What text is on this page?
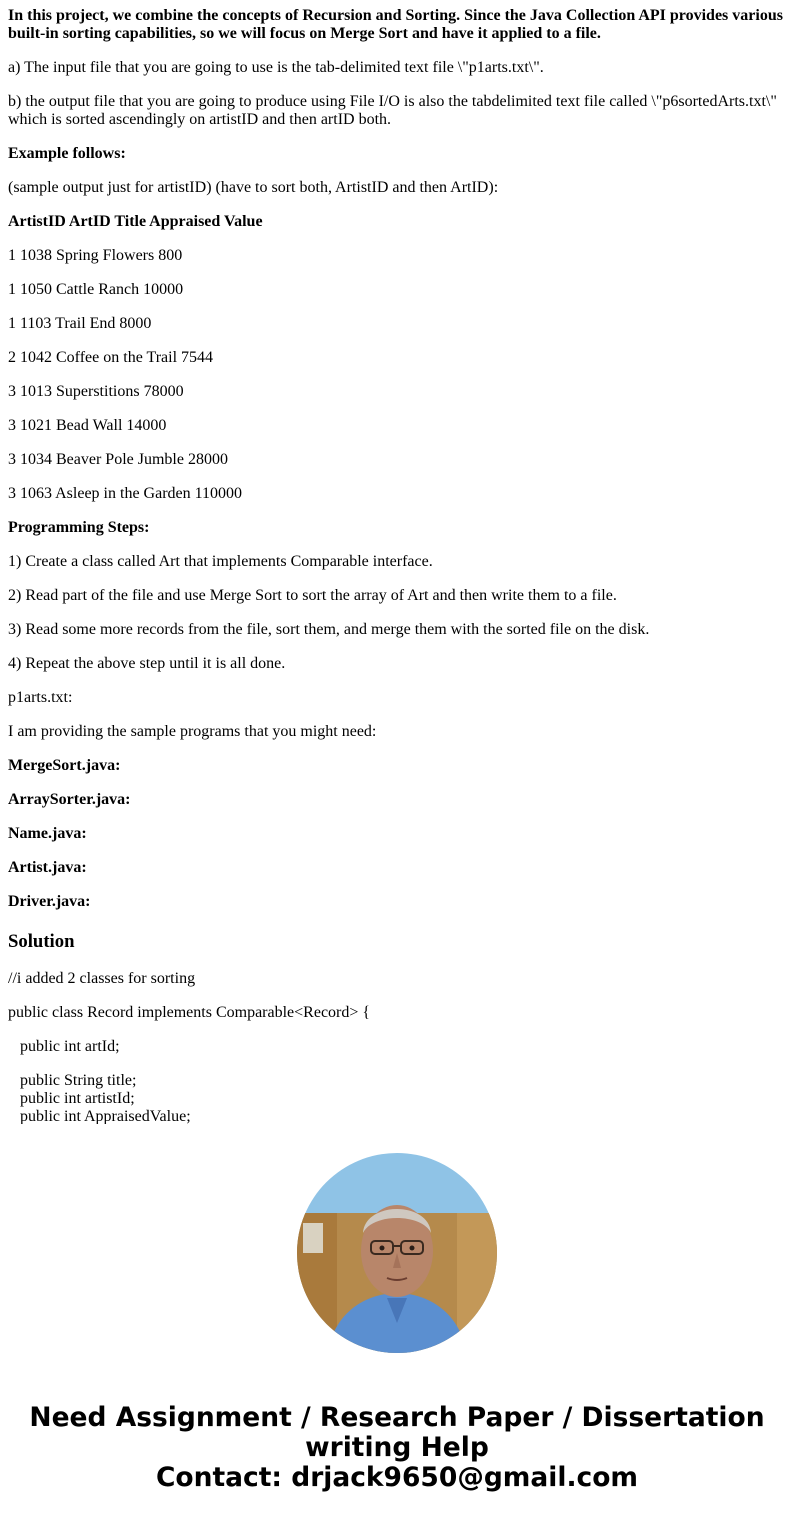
In this project, we combine the concepts of Recursion and Sorting. Since the Java Collection API provides various built-in sorting capabilities, so we will focus on Merge Sort and have it applied to a file.

a) The input file that you are going to use is the tab-delimited text file \"p1arts.txt\".

b) the output file that you are going to produce using File I/O is also the tabdelimited text file called \"p6sortedArts.txt\" which is sorted ascendingly on artistID and then artID both.

Example follows:

(sample output just for artistID) (have to sort both, ArtistID and then ArtID):

ArtistID ArtID Title Appraised Value

1 1038 Spring Flowers 800

1 1050 Cattle Ranch 10000

1 1103 Trail End 8000

2 1042 Coffee on the Trail 7544

3 1013 Superstitions 78000

3 1021 Bead Wall 14000

3 1034 Beaver Pole Jumble 28000

3 1063 Asleep in the Garden 110000

Programming Steps:

1) Create a class called Art that implements Comparable interface.

2) Read part of the file and use Merge Sort to sort the array of Art and then write them to a file.

3) Read some more records from the file, sort them, and merge them with the sorted file on the disk.

4) Repeat the above step until it is all done.

p1arts.txt:

I am providing the sample programs that you might need:

MergeSort.java:

ArraySorter.java:

Name.java:

Artist.java:

Driver.java:

Solution

//i added 2 classes for sorting

public class Record implements Comparable<Record> {

public int artId;
public String title;
public int artistId;
public int AppraisedValue;
Need Assignment / Research Paper / Dissertation
writing Help
Contact: drjack9650@gmail.com
